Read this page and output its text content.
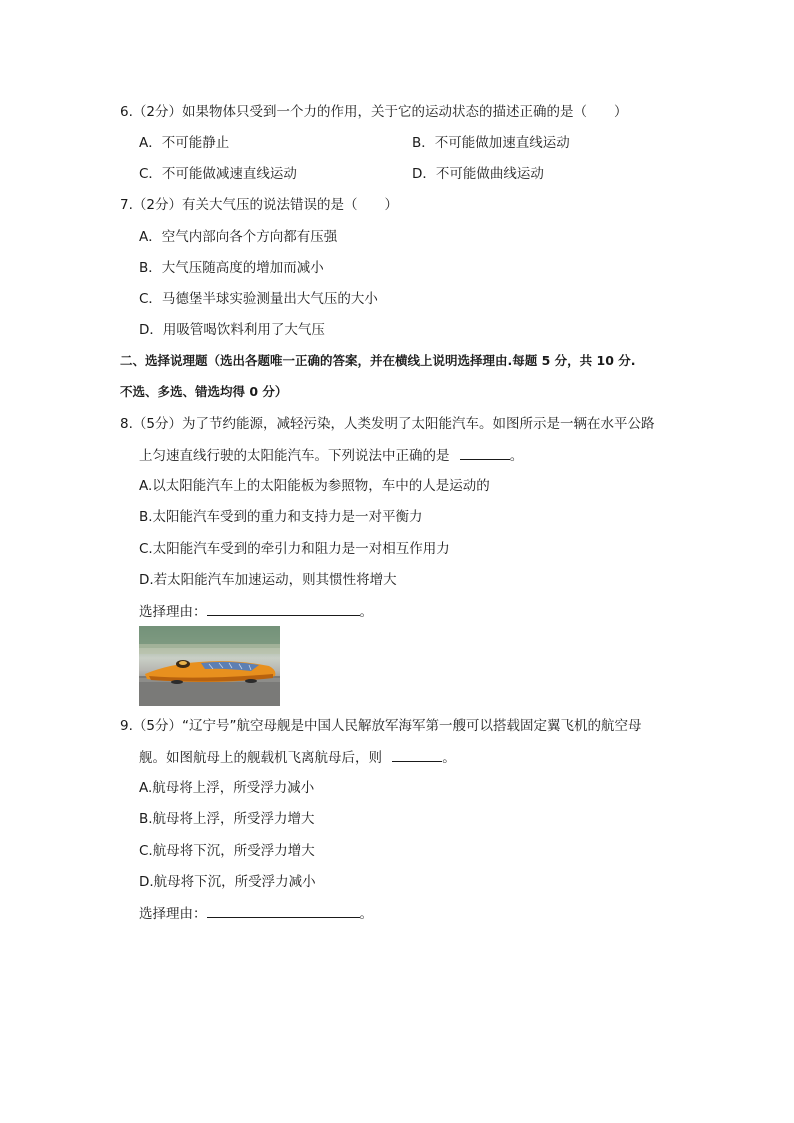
6.（2分）如果物体只受到一个力的作用，关于它的运动状态的描述正确的是（　　）
A．不可能静止	B．不可能做加速直线运动
C．不可能做减速直线运动	D．不可能做曲线运动
7.（2分）有关大气压的说法错误的是（　　）
A．空气内部向各个方向都有压强
B．大气压随高度的增加而减小
C．马德堡半球实验测量出大气压的大小
D．用吸管喝饮料利用了大气压
二、选择说理题（选出各题唯一正确的答案，并在横线上说明选择理由.每题 5 分，共 10 分.
不选、多选、错选均得 0 分）
8.（5分）为了节约能源，减轻污染，人类发明了太阳能汽车。如图所示是一辆在水平公路
上匀速直线行驶的太阳能汽车。下列说法中正确的是	。
A.以太阳能汽车上的太阳能板为参照物，车中的人是运动的
B.太阳能汽车受到的重力和支持力是一对平衡力
C.太阳能汽车受到的牵引力和阻力是一对相互作用力
D.若太阳能汽车加速运动，则其惯性将增大
选择理由：	。
9.（5分）“辽宁号”航空母舰是中国人民解放军海军第一艘可以搭载固定翼飞机的航空母
舰。如图航母上的舰载机飞离航母后，则	。
A.航母将上浮，所受浮力减小
B.航母将上浮，所受浮力增大
C.航母将下沉，所受浮力增大
D.航母将下沉，所受浮力减小
选择理由：	。
